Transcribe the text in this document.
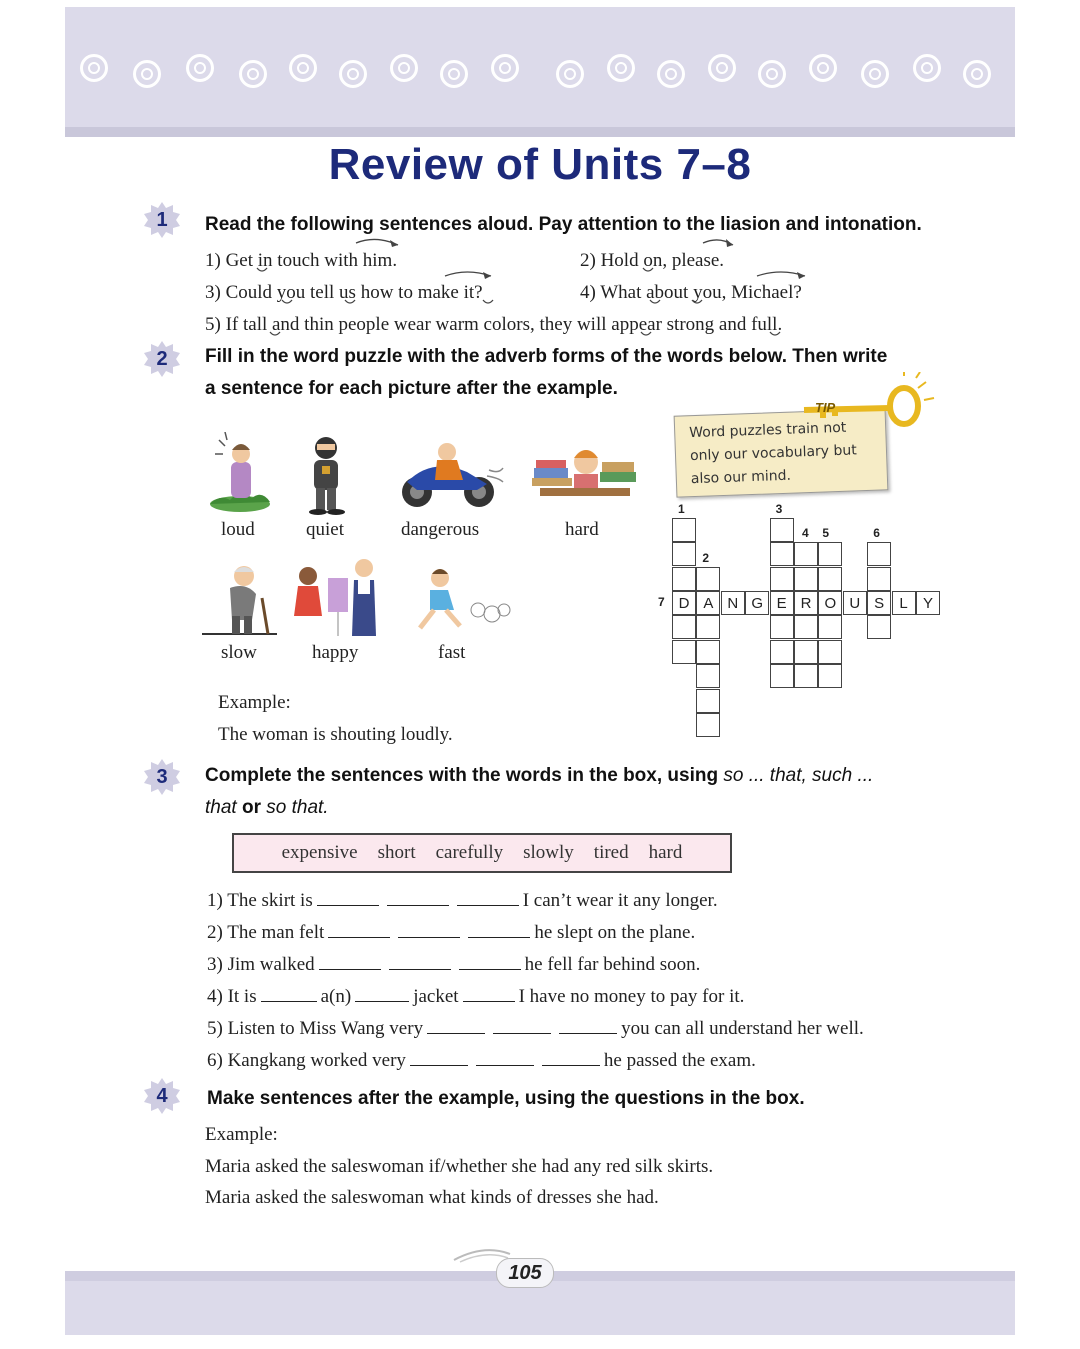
Review of Units 7–8
1 Read the following sentences aloud. Pay attention to the liasion and intonation.
1) Get in touch with him.	2) Hold on, please.
3) Could you tell us how to make it?	4) What about you, Michael?
5) If tall and thin people wear warm colors, they will appear strong and full.
2 Fill in the word puzzle with the adverb forms of the words below. Then write
a sentence for each picture after the example.
loud	quiet	dangerous	hard
slow	happy	fast
Example:
The woman is shouting loudly.
Word puzzles train not only our vocabulary but also our mind.
TIP
D A	E R O	S
N G	U	L	Y
1
2
3
4 5	6
7
3 Complete the sentences with the words in the box, using so ... that, such ...
that or so that.
expensive short carefully slowly tired hard
1) The skirt is	I can’t wear it any longer.
2) The man felt	he slept on the plane.
3) Jim walked	he fell far behind soon.
4) It is	a(n)	jacket	I have no money to pay for it.
5) Listen to Miss Wang very	you can all understand her well.
6) Kangkang worked very	he passed the exam.
4 Make sentences after the example, using the questions in the box.
Example:
Maria asked the saleswoman if/whether she had any red silk skirts.
Maria asked the saleswoman what kinds of dresses she had.
105
